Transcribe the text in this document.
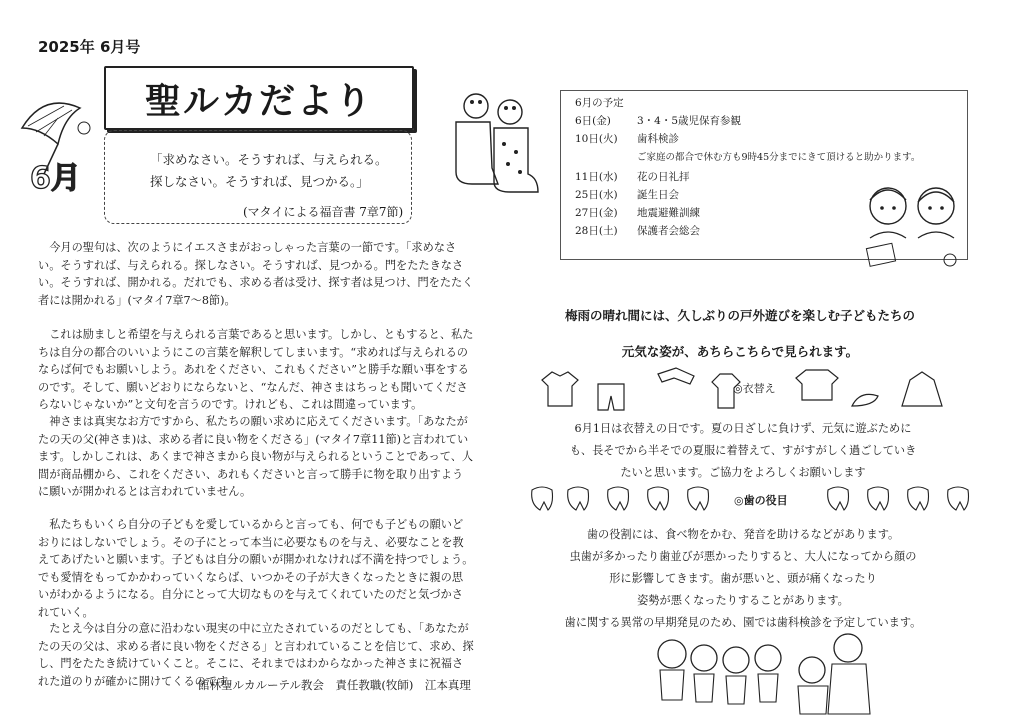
2025年 6月号
聖ルカだより
6月
「求めなさい。そうすれば、与えられる。
探しなさい。そうすれば、見つかる。」
(マタイによる福音書 7章7節)

今月の聖句は、次のようにイエスさまがおっしゃった言葉の一節です。「求めなさい。そうすれば、与えられる。探しなさい。そうすれば、見つかる。門をたたきなさい。そうすれば、開かれる。だれでも、求める者は受け、探す者は見つけ、門をたたく者には開かれる」(マタイ7章7〜8節)。

これは励ましと希望を与えられる言葉であると思います。しかし、ともすると、私たちは自分の都合のいいようにこの言葉を解釈してしまいます。“求めれば与えられるのならば何でもお願いしよう。あれをください、これもください”と勝手な願い事をするのです。そして、願いどおりにならないと、“なんだ、神さまはちっとも聞いてくださらないじゃないか”と文句を言うのです。けれども、これは間違っています。

神さまは真実なお方ですから、私たちの願い求めに応えてくださいます。「あなたがたの天の父(神さま)は、求める者に良い物をくださる」(マタイ7章11節)と言われています。しかしこれは、あくまで神さまから良い物が与えられるということであって、人間が商品棚から、これをください、あれもくださいと言って勝手に物を取り出すように願いが開かれるとは言われていません。

私たちもいくら自分の子どもを愛しているからと言っても、何でも子どもの願いどおりにはしないでしょう。その子にとって本当に必要なものを与え、必要なことを教えてあげたいと願います。子どもは自分の願いが開かれなければ不満を持つでしょう。でも愛情をもってかかわっていくならば、いつかその子が大きくなったときに親の思いがわかるようになる。自分にとって大切なものを与えてくれていたのだと気づかされていく。

たとえ今は自分の意に沿わない現実の中に立たされているのだとしても、「あなたがたの天の父は、求める者に良い物をくださる」と言われていることを信じて、求め、探し、門をたたき続けていくこと。そこに、それまではわからなかった神さまに祝福された道のりが確かに開けてくるのです。

館林聖ルカルーテル教会　責任教職(牧師)　江本真理
6月の予定
6日(金)	3・4・5歳児保育参観
10日(火)	歯科検診
ご家庭の都合で休む方も9時45分までにきて頂けると助かります。
11日(水)	花の日礼拝
25日(水)	誕生日会
27日(金)	地震避難訓練
28日(土)	保護者会総会
梅雨の晴れ間には、久しぶりの戸外遊びを楽しむ子どもたちの
元気な姿が、あちらこちらで見られます。
◎衣替え
6月1日は衣替えの日です。夏の日ざしに負けず、元気に遊ぶために
も、長そでから半そでの夏服に着替えて、すがすがしく過ごしていき
たいと思います。ご協力をよろしくお願いします
◎歯の役目
歯の役割には、食べ物をかむ、発音を助けるなどがあります。
虫歯が多かったり歯並びが悪かったりすると、大人になってから顔の
形に影響してきます。歯が悪いと、頭が痛くなったり
姿勢が悪くなったりすることがあります。
歯に関する異常の早期発見のため、園では歯科検診を予定しています。
